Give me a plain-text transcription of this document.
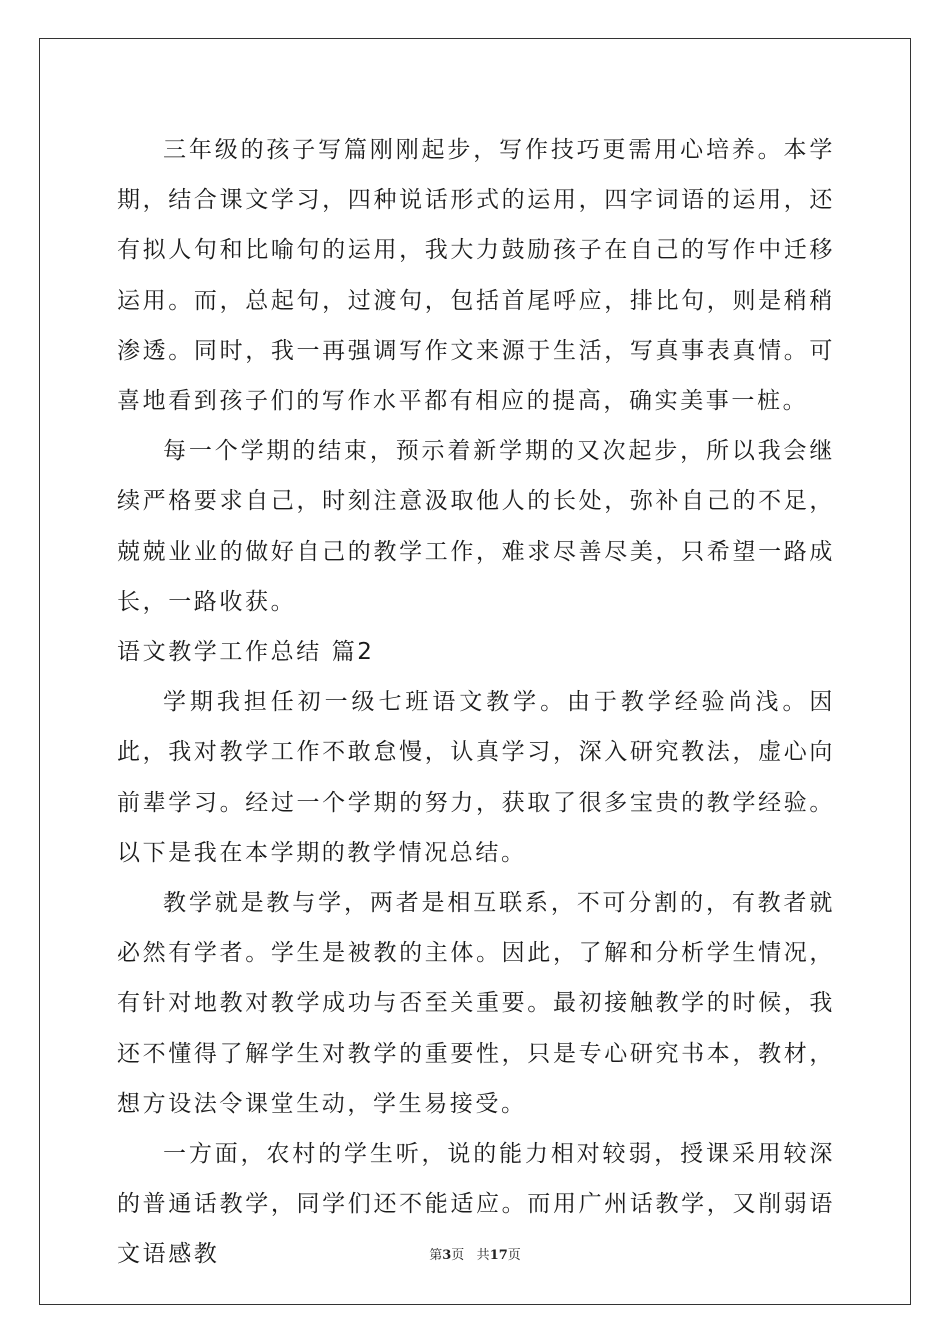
三年级的孩子写篇刚刚起步，写作技巧更需用心培养。本学期，结合课文学习，四种说话形式的运用，四字词语的运用，还有拟人句和比喻句的运用，我大力鼓励孩子在自己的写作中迁移运用。而，总起句，过渡句，包括首尾呼应，排比句，则是稍稍渗透。同时，我一再强调写作文来源于生活，写真事表真情。可喜地看到孩子们的写作水平都有相应的提高，确实美事一桩。

每一个学期的结束，预示着新学期的又次起步，所以我会继续严格要求自己，时刻注意汲取他人的长处，弥补自己的不足，兢兢业业的做好自己的教学工作，难求尽善尽美，只希望一路成长，一路收获。

语文教学工作总结 篇2

学期我担任初一级七班语文教学。由于教学经验尚浅。因此，我对教学工作不敢怠慢，认真学习，深入研究教法，虚心向前辈学习。经过一个学期的努力，获取了很多宝贵的教学经验。以下是我在本学期的教学情况总结。

教学就是教与学，两者是相互联系，不可分割的，有教者就必然有学者。学生是被教的主体。因此，了解和分析学生情况，有针对地教对教学成功与否至关重要。最初接触教学的时候，我还不懂得了解学生对教学的重要性，只是专心研究书本，教材，想方设法令课堂生动，学生易接受。

一方面，农村的学生听，说的能力相对较弱，授课采用较深的普通话教学，同学们还不能适应。而用广州话教学，又削弱语文语感教	第3页 共17页
